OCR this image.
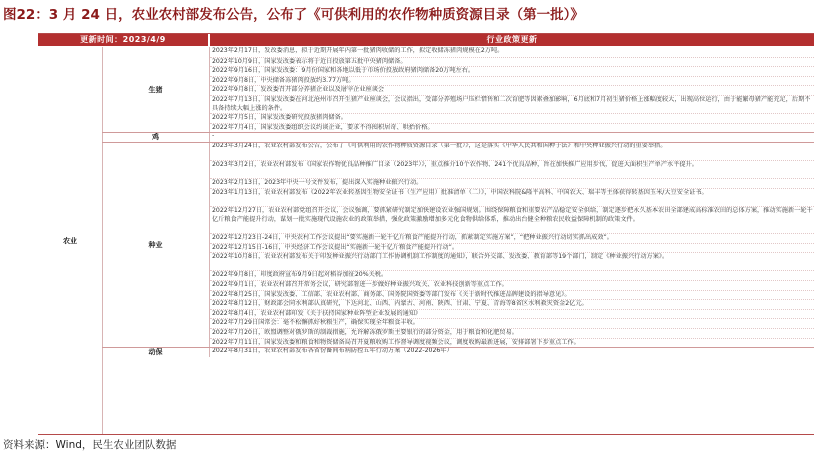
图22：3 月 24 日，农业农村部发布公告，公布了《可供利用的农作物种质资源目录（第一批）》
更新时间：2023/4/9	行业政策更新
农业
2023年2月17日，发改委消息，拟于近期开展年内第一批猪肉收储的工作，拟定收储冻猪肉规模在2万吨。
2022年10月9日，国家发改委表示将于近日投放第五批中央猪肉储备。
2022年9月16日，国家发改委：9月份国家和各地以低于市场价投放政府猪肉储备20万吨左右。
2022年9月8日，中央储备冻猪肉投放约3.77万吨。
2022年9月8日，发改委召开部分养猪企业以及屠宰企业座谈会
2022年7月13日，国家发改委在河北沧州市召开生猪产业座谈会，会议指出，受部分养殖场户压栏惜售和二次育肥等因素叠加影响，6月底和7月初生猪价格上涨幅度较大，出现高位运行，由于能繁母猪产能充足，后期不具备持续大幅上涨的条件。
2022年7月5日，国家发改委研究投放猪肉储备。
2022年7月4日，国家发改委组织会议约谈企业，要求不得囤积居奇、哄抬价格。
生猪
-
鸡
2023年3月24日，农业农村部发布公告，公布了《可供利用的农作物种质资源目录（第一批）》，这是落实《中华人民共和国种子法》和中央种业振兴行动的重要举措。
2023年3月2日，农业农村部发布《国家农作物优良品种推广目录（2023年）》，重点推介10个农作物、241个优良品种，旨在加快推广应用步伐，促进大面积生产单产水平提升。
2023年2月13日，2023年中央一号文件发布，提出深入实施种业振兴行动。
2023年1月13日，农业农村部发布《2022年农业转基因生物安全证书（生产应用）批准清单（二）》，中国农科院&隆平高科、中国农大、瑞丰等主体获得转基因玉米/大豆安全证书。
2022年12月27日，农业农村部党组召开会议，会议强调，要抓紧研究制定加快建设农业强国规划。围绕保障粮食和重要农产品稳定安全供给，制定逐步把永久基本农田全部建成高标准农田的总体方案，推动实施新一轮千亿斤粮食产能提升行动，谋划一批实施现代设施农业的政策举措，强化政策激励增加多元化食物供给体系，推动出台健全种粮农民收益保障机制的政策文件。
2022年12月23日-24日，中央农村工作会议提出“要实施新一轮千亿斤粮食产能提升行动，抓紧制定实施方案”，“把种业振兴行动切实抓出成效”。
2022年12月15日-16日，中央经济工作会议提出“实施新一轮千亿斤粮食产能提升行动”。
2022年10月8日，农业农村部发布关于印发种业振兴行动部门工作协调机制工作制度的通知》，联合外交部、发改委、教育部等19个部门，制定《种业振兴行动方案》。
2022年9月8日，印度政府宣布9月9日起对稻谷加征20%关税。
2022年9月1日，农业农村部召开常务会议，研究部署进一步做好种业振兴攻关、农业科技创新等重点工作。
2022年8月25日，国家发改委、工信部、农业农村部、商务部、国务院国资委等部门发布《关于新时代推进品牌建设的指导意见》。
2022年8月12日，财政部会同水利部认真研究，下达河北、山西、内蒙古、河南、陕西、甘肃、宁夏、青海等8省区水利救灾资金2亿元。
2022年8月4日，农业农村部印发《关于扶持国家种业阵型企业发展的通知》
2022年7月29日国常会：毫不松懈抓好秋粮生产，确保实现全年粮食丰收。
2022年7月20日，欧盟调整对俄罗斯的制裁措施，允许解冻俄罗斯主要银行的部分资金，用于粮食和化肥贸易。
2022年7月11日，国家发改委和粮食和物资储备局召开夏粮收购工作督导调度视频会议，调度收购最新进展，安排部署下步重点工作。
种业
2022年8月31日，农业农村部发布各省份畜间布病防控五年行动方案（2022-2026年）
动保
资料来源：Wind，民生农业团队数据
